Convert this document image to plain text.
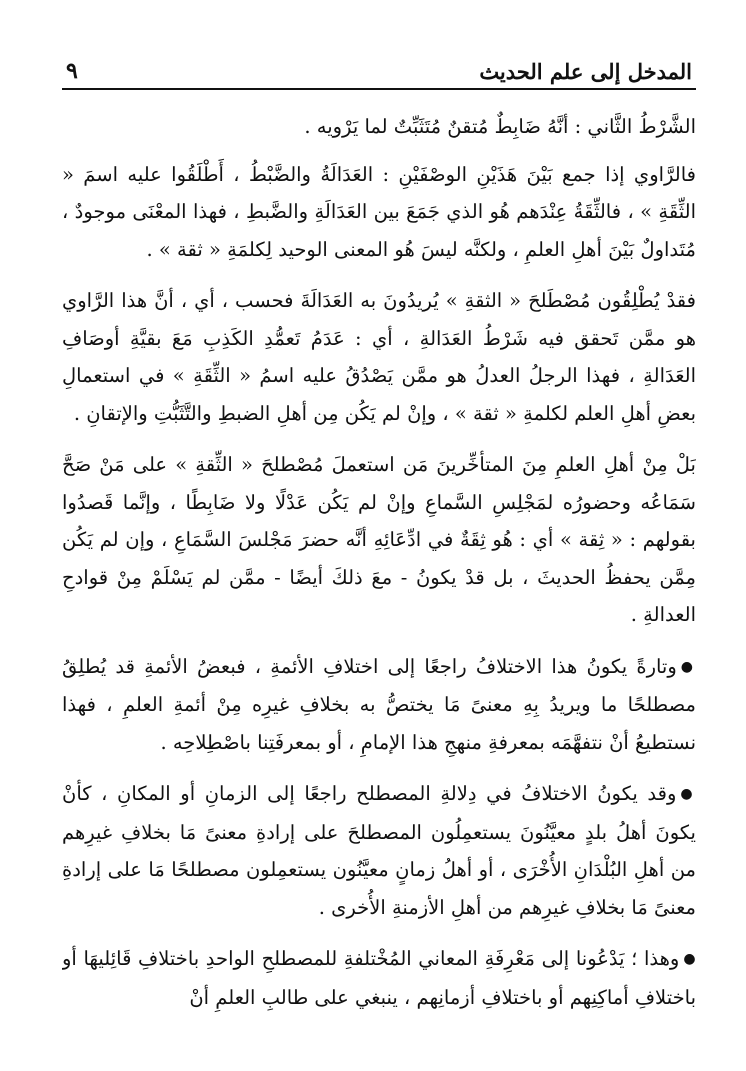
المدخل إلى علم الحديث
٩

الشَّرْطُ الثَّاني : أنَّهُ ضَابِطٌ مُتقنٌ مُتَثَبِّتٌ لما يَرْويه .

فالرَّاوي إذا جمع بَيْنَ هَذَيْنِ الوصْفَيْنِ : العَدَالَةُ والضَّبْطُ ، أَطْلَقُوا عليه اسمَ « الثِّقَةِ » ، فالثِّقَةُ عِنْدَهم هُو الذي جَمَعَ بين العَدَالَةِ والضَّبطِ ، فهذا المعْنَى موجودٌ ، مُتَداولٌ بَيْنَ أهلِ العلمِ ، ولكنَّه ليسَ هُو المعنى الوحيد لِكلمَةِ « ثقة » .

فقدْ يُطْلِقُون مُصْطَلحَ « الثقةِ » يُريدُونَ به العَدَالَةَ فحسب ، أي ، أنَّ هذا الرَّاوي هو ممَّن تَحقق فيه شَرْطُ العَدَالةِ ، أي : عَدَمُ تَعمُّدِ الكَذِبِ مَعَ بقيَّةِ أوصَافِ العَدَالةِ ، فهذا الرجلُ العدلُ هو ممَّن يَصْدُقُ عليه اسمُ « الثِّقَةِ » في استعمالِ بعضِ أهلِ العلم لكلمةِ « ثقة » ، وإنْ لم يَكُن مِن أهلِ الضبطِ والتَّثَبُّتِ والإتقانِ .

بَلْ مِنْ أهلِ العلمِ مِنَ المتأخِّرينَ مَن استعملَ مُصْطلحَ « الثِّقةِ » على مَنْ صَحَّ سَمَاعُه وحضورُه لمَجْلِسِ السَّماعِ وإنْ لم يَكُن عَدْلًا ولا ضَابِطًا ، وإنَّما قَصدُوا بقولهم : « ثِقة » أي : هُو ثِقَةٌ في ادِّعَائِهِ أنَّه حضرَ مَجْلسَ السَّمَاعِ ، وإن لم يَكُن مِمَّن يحفظُ الحديثَ ، بل قدْ يكونُ - معَ ذلكَ أيضًا - ممَّن لم يَسْلَمْ مِنْ قوادحِ العدالةِ .

●وتارةً يكونُ هذا الاختلافُ راجعًا إلى اختلافِ الأئمةِ ، فبعضُ الأئمةِ قد يُطلِقُ مصطلحًا ما ويريدُ بِهِ معنىً مَا يختصُّ به بخلافِ غيرِه مِنْ أئمةِ العلمِ ، فهذا نستطيعُ أنْ نتفهَّمَه بمعرفةِ منهجِ هذا الإمامِ ، أو بمعرفَتِنا باصْطِلاحِه .

●وقد يكونُ الاختلافُ في دِلالةِ المصطلح راجعًا إلى الزمانِ أو المكانِ ، كأنْ يكونَ أهلُ بلدٍ معيَّنُونَ يستعمِلُون المصطلحَ على إرادةِ معنىً مَا بخلافِ غيرِهم من أهلِ البُلْدَانِ الأُخْرَى ، أو أهلُ زمانٍ معيَّنُون يستعمِلون مصطلحًا مَا على إرادةِ معنىً مَا بخلافِ غيرِهم من أهلِ الأزمنةِ الأُخرى .

●وهذا ؛ يَدْعُونا إلى مَعْرِفَةِ المعاني المُخْتلفةِ للمصطلحِ الواحدِ باختلافِ قَائِليهَا أو باختلافِ أماكِنِهم أو باختلافِ أزمانِهم ، ينبغي على طالبِ العلمِ أنْ
